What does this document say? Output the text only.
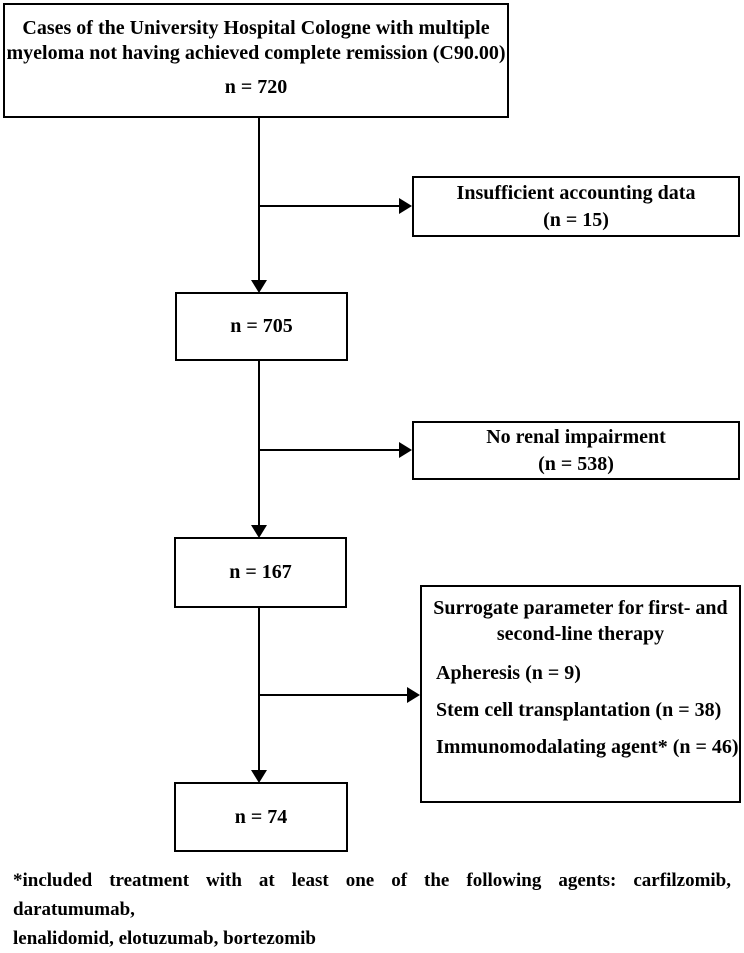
Cases of the University Hospital Cologne with multiple
myeloma not having achieved complete remission (C90.00)
n = 720
Insufficient accounting data
(n = 15)
n = 705
No renal impairment
(n = 538)
n = 167
Surrogate parameter for first- and
second-line therapy
Apheresis (n = 9)
Stem cell transplantation (n = 38)
Immunomodalating agent* (n = 46)
n = 74
*included treatment with at least one of the following agents: carfilzomib, daratumumab,
lenalidomid, elotuzumab, bortezomib
